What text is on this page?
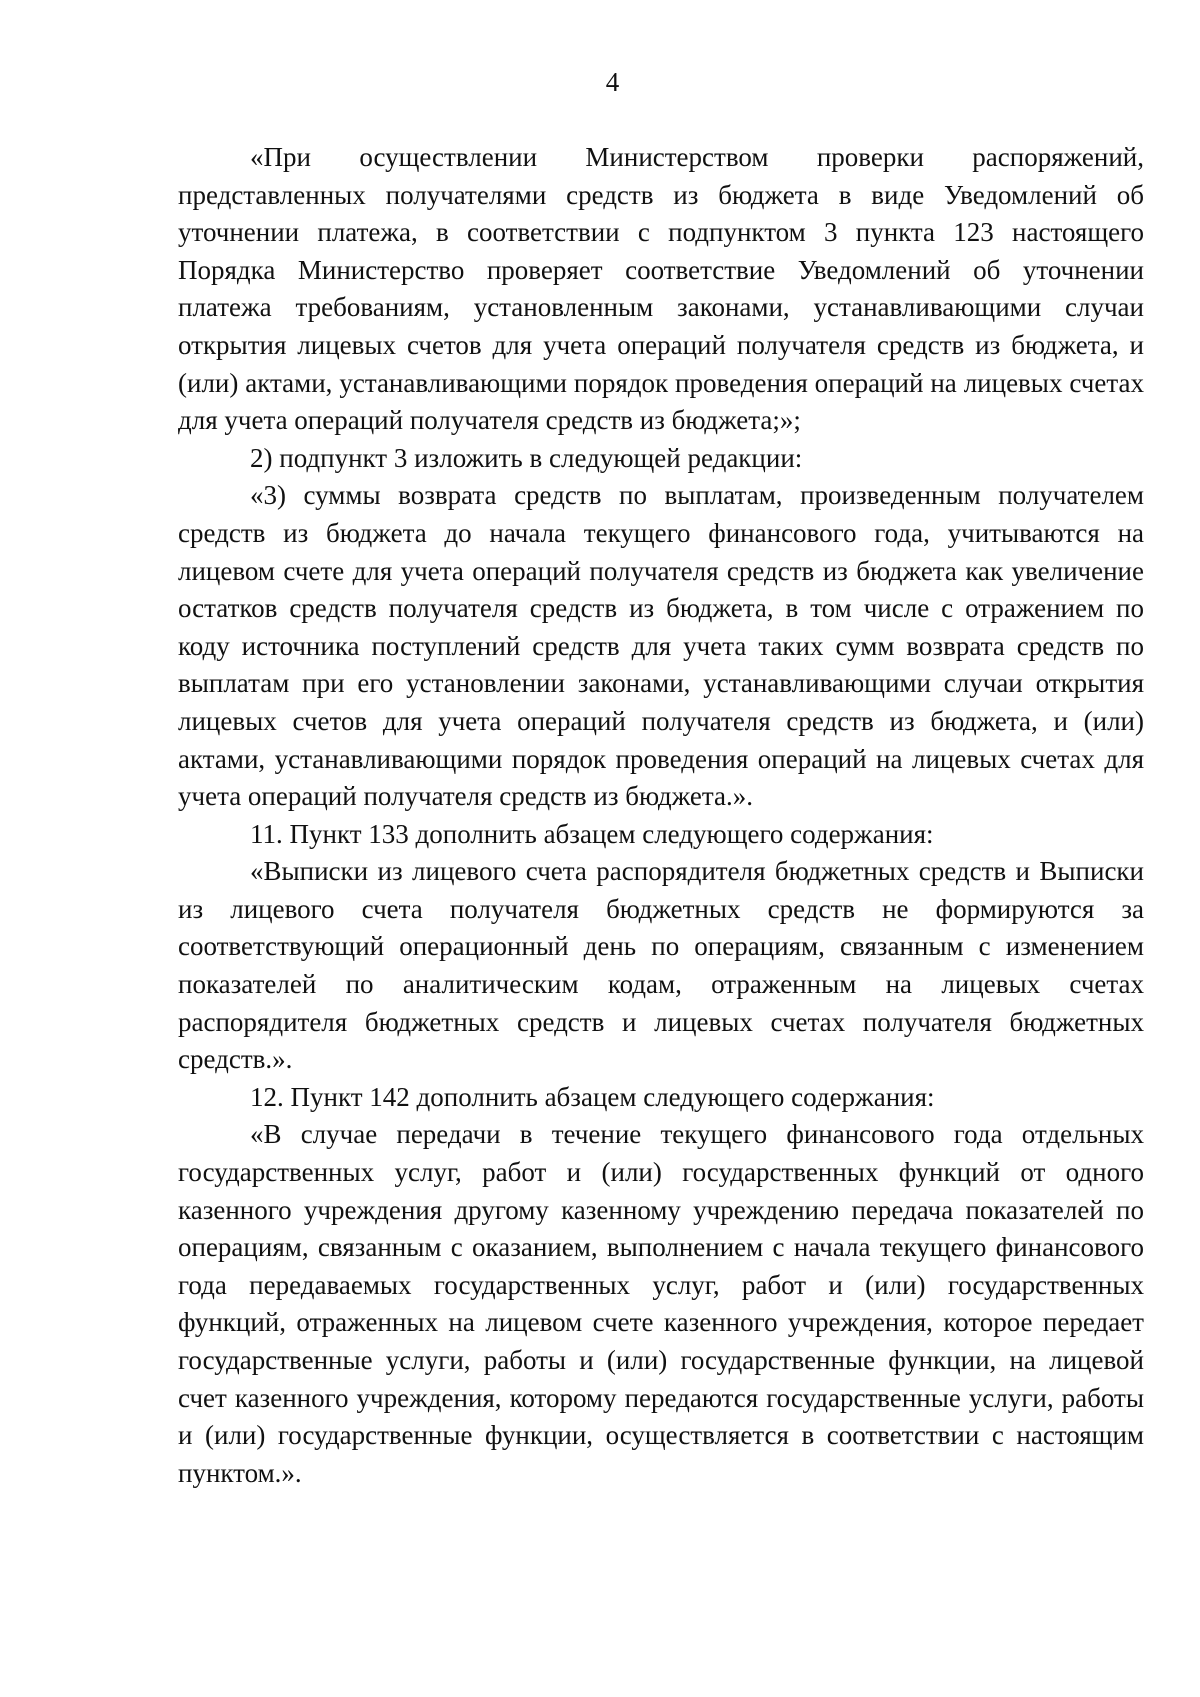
4

«При осуществлении Министерством проверки распоряжений, представленных получателями средств из бюджета в виде Уведомлений об уточнении платежа, в соответствии с подпунктом 3 пункта 123 настоящего Порядка Министерство проверяет соответствие Уведомлений об уточнении платежа требованиям, установленным законами, устанавливающими случаи открытия лицевых счетов для учета операций получателя средств из бюджета, и (или) актами, устанавливающими порядок проведения операций на лицевых счетах для учета операций получателя средств из бюджета;»;

2) подпункт 3 изложить в следующей редакции:

«3) суммы возврата средств по выплатам, произведенным получателем средств из бюджета до начала текущего финансового года, учитываются на лицевом счете для учета операций получателя средств из бюджета как увеличение остатков средств получателя средств из бюджета, в том числе с отражением по коду источника поступлений средств для учета таких сумм возврата средств по выплатам при его установлении законами, устанавливающими случаи открытия лицевых счетов для учета операций получателя средств из бюджета, и (или) актами, устанавливающими порядок проведения операций на лицевых счетах для учета операций получателя средств из бюджета.».

11. Пункт 133 дополнить абзацем следующего содержания:

«Выписки из лицевого счета распорядителя бюджетных средств и Выписки из лицевого счета получателя бюджетных средств не формируются за соответствующий операционный день по операциям, связанным с изменением показателей по аналитическим кодам, отраженным на лицевых счетах распорядителя бюджетных средств и лицевых счетах получателя бюджетных средств.».

12. Пункт 142 дополнить абзацем следующего содержания:

«В случае передачи в течение текущего финансового года отдельных государственных услуг, работ и (или) государственных функций от одного казенного учреждения другому казенному учреждению передача показателей по операциям, связанным с оказанием, выполнением с начала текущего финансового года передаваемых государственных услуг, работ и (или) государственных функций, отраженных на лицевом счете казенного учреждения, которое передает государственные услуги, работы и (или) государственные функции, на лицевой счет казенного учреждения, которому передаются государственные услуги, работы и (или) государственные функции, осуществляется в соответствии с настоящим пунктом.».
